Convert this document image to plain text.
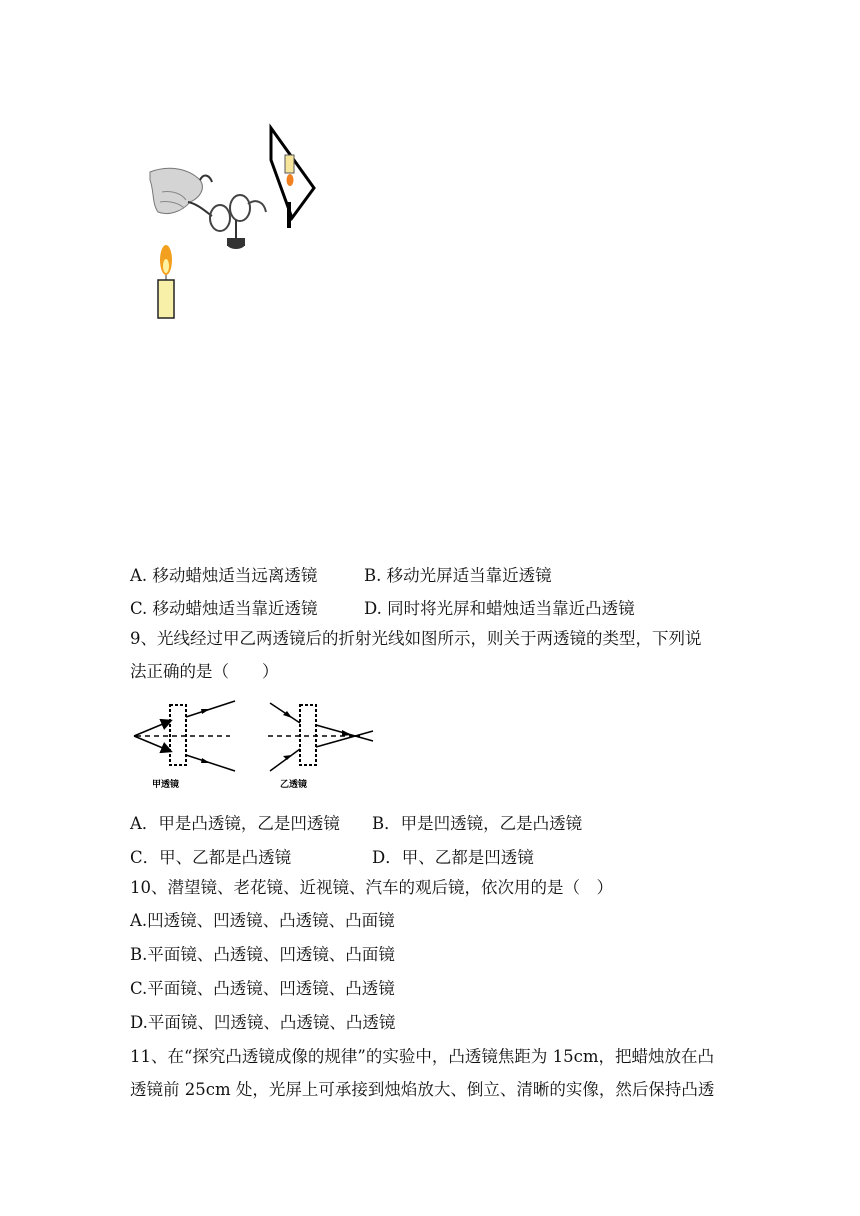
A. 移动蜡烛适当远离透镜	B. 移动光屏适当靠近透镜
C. 移动蜡烛适当靠近透镜	D. 同时将光屏和蜡烛适当靠近凸透镜
9、光线经过甲乙两透镜后的折射光线如图所示，则关于两透镜的类型，下列说
法正确的是（　　）
甲透镜	乙透镜
A．甲是凸透镜，乙是凹透镜 B．甲是凹透镜，乙是凸透镜
C．甲、乙都是凸透镜	D．甲、乙都是凹透镜
10、潜望镜、老花镜、近视镜、汽车的观后镜，依次用的是（　）
A.凹透镜、凹透镜、凸透镜、凸面镜
B.平面镜、凸透镜、凹透镜、凸面镜
C.平面镜、凸透镜、凹透镜、凸透镜
D.平面镜、凹透镜、凸透镜、凸透镜
11、在“探究凸透镜成像的规律”的实验中，凸透镜焦距为 15cm，把蜡烛放在凸
透镜前 25cm 处，光屏上可承接到烛焰放大、倒立、清晰的实像，然后保持凸透
